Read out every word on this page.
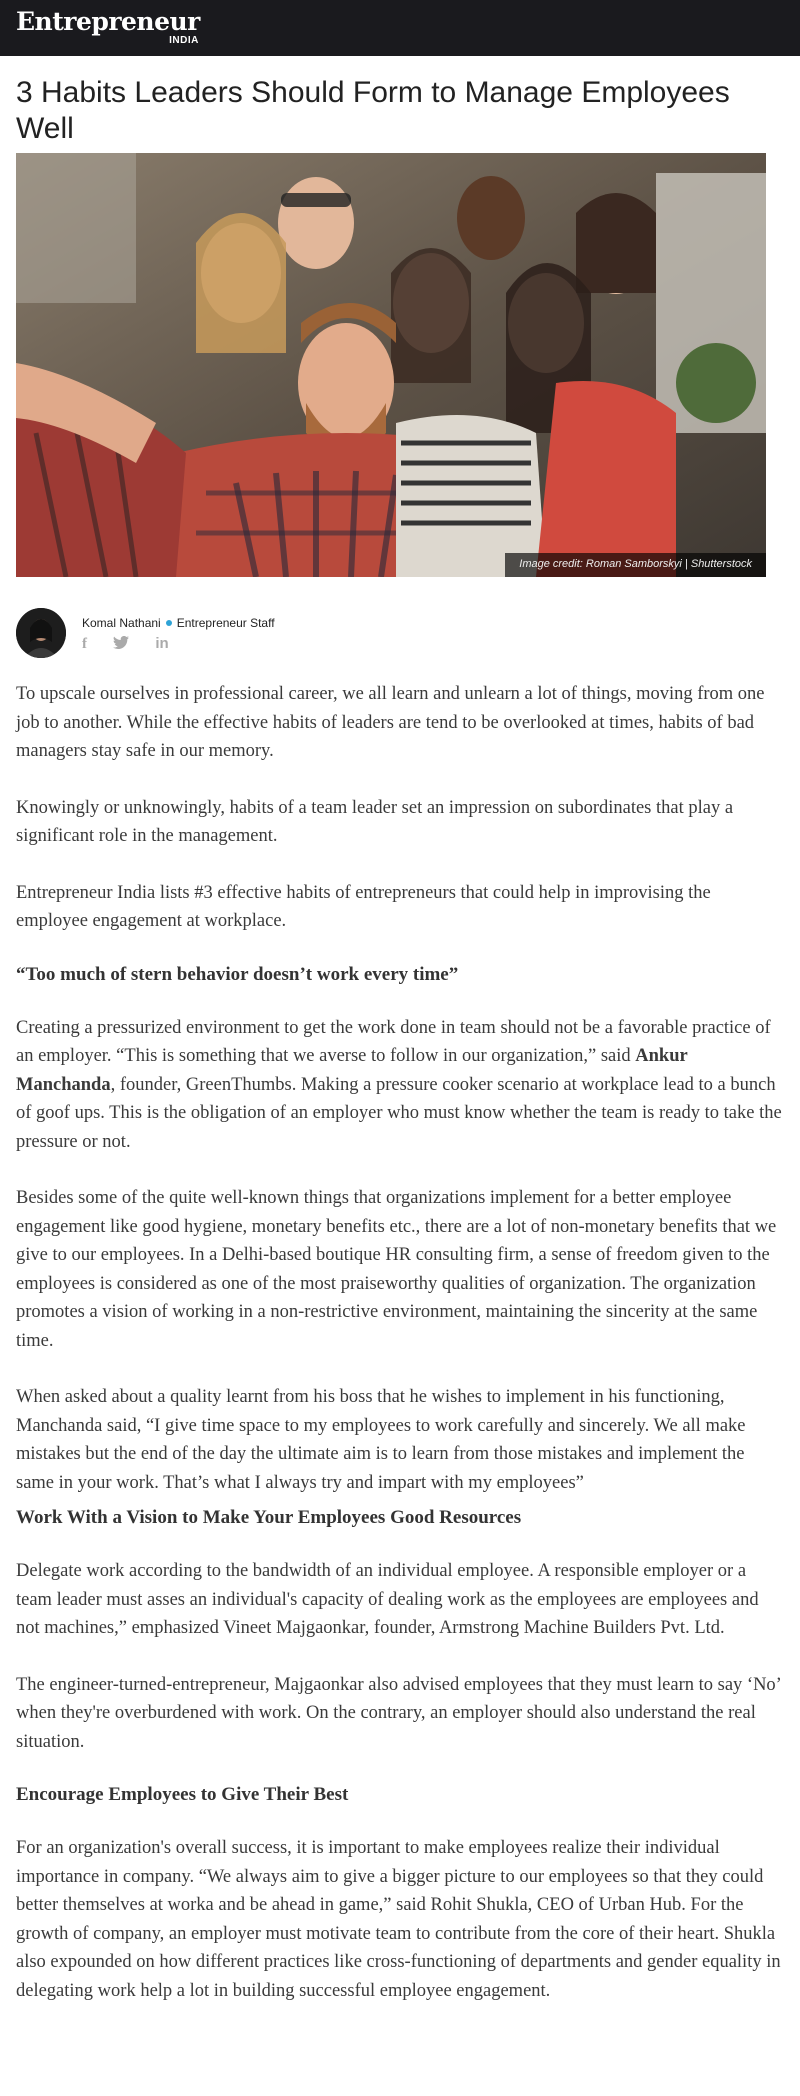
Entrepreneur
INDIA
3 Habits Leaders Should Form to Manage Employees Well
Image credit: Roman Samborskyi | Shutterstock
Komal Nathani Entrepreneur Staff
f	in

To upscale ourselves in professional career, we all learn and unlearn a lot of things, moving from one job to another. While the effective habits of leaders are tend to be overlooked at times, habits of bad managers stay safe in our memory.

Knowingly or unknowingly, habits of a team leader set an impression on subordinates that play a significant role in the management.

Entrepreneur India lists #3 effective habits of entrepreneurs that could help in improvising the employee engagement at workplace.

“Too much of stern behavior doesn’t work every time”

Creating a pressurized environment to get the work done in team should not be a favorable practice of an employer. “This is something that we averse to follow in our organization,” said Ankur Manchanda, founder, GreenThumbs. Making a pressure cooker scenario at workplace lead to a bunch of goof ups. This is the obligation of an employer who must know whether the team is ready to take the pressure or not.

Besides some of the quite well-known things that organizations implement for a better employee engagement like good hygiene, monetary benefits etc., there are a lot of non-monetary benefits that we give to our employees. In a Delhi-based boutique HR consulting firm, a sense of freedom given to the employees is considered as one of the most praiseworthy qualities of organization. The organization promotes a vision of working in a non-restrictive environment, maintaining the sincerity at the same time.

When asked about a quality learnt from his boss that he wishes to implement in his functioning, Manchanda said, “I give time space to my employees to work carefully and sincerely. We all make mistakes but the end of the day the ultimate aim is to learn from those mistakes and implement the same in your work. That’s what I always try and impart with my employees”

Work With a Vision to Make Your Employees Good Resources

Delegate work according to the bandwidth of an individual employee. A responsible employer or a team leader must asses an individual's capacity of dealing work as the employees are employees and not machines,” emphasized Vineet Majgaonkar, founder, Armstrong Machine Builders Pvt. Ltd.

The engineer-turned-entrepreneur, Majgaonkar also advised employees that they must learn to say ‘No’ when they're overburdened with work. On the contrary, an employer should also understand the real situation.

Encourage Employees to Give Their Best

For an organization's overall success, it is important to make employees realize their individual importance in company. “We always aim to give a bigger picture to our employees so that they could better themselves at worka and be ahead in game,” said Rohit Shukla, CEO of Urban Hub. For the growth of company, an employer must motivate team to contribute from the core of their heart. Shukla also expounded on how different practices like cross-functioning of departments and gender equality in delegating work help a lot in building successful employee engagement.
